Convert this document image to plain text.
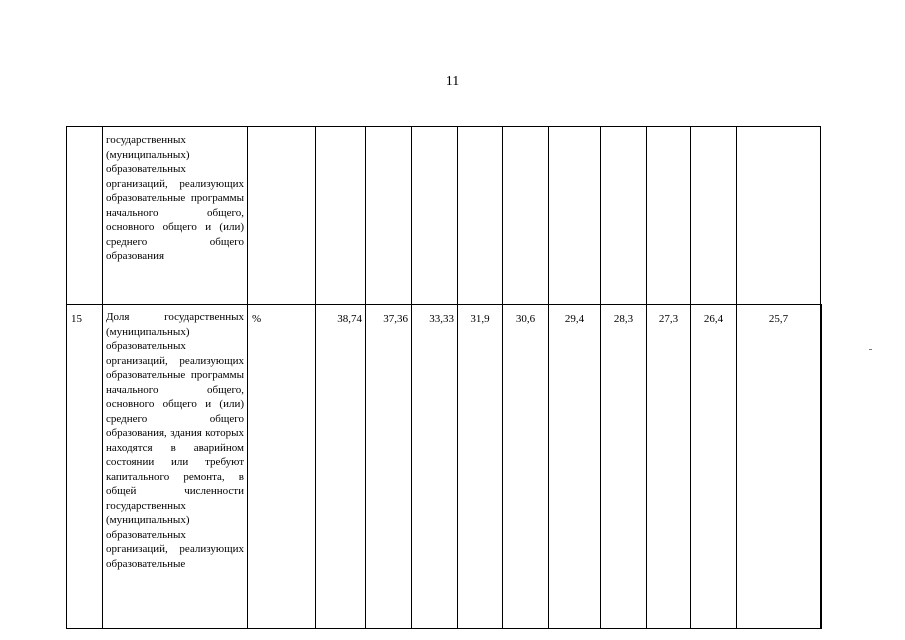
11
	государственных (муниципальных) образовательных организаций, реализующих образовательные программы начального общего, основного общего и (или) среднего общего образования												
15	Доля государственных (муниципальных) образовательных организаций, реализующих образовательные программы начального общего, основного общего и (или) среднего общего образования, здания которых находятся в аварийном состоянии или требуют капитального ремонта, в общей численности государственных (муниципальных) образовательных организаций, реализующих образовательные	%	38,74	37,36	33,33	31,9	30,6	29,4	28,3	27,3	26,4	25,7	
